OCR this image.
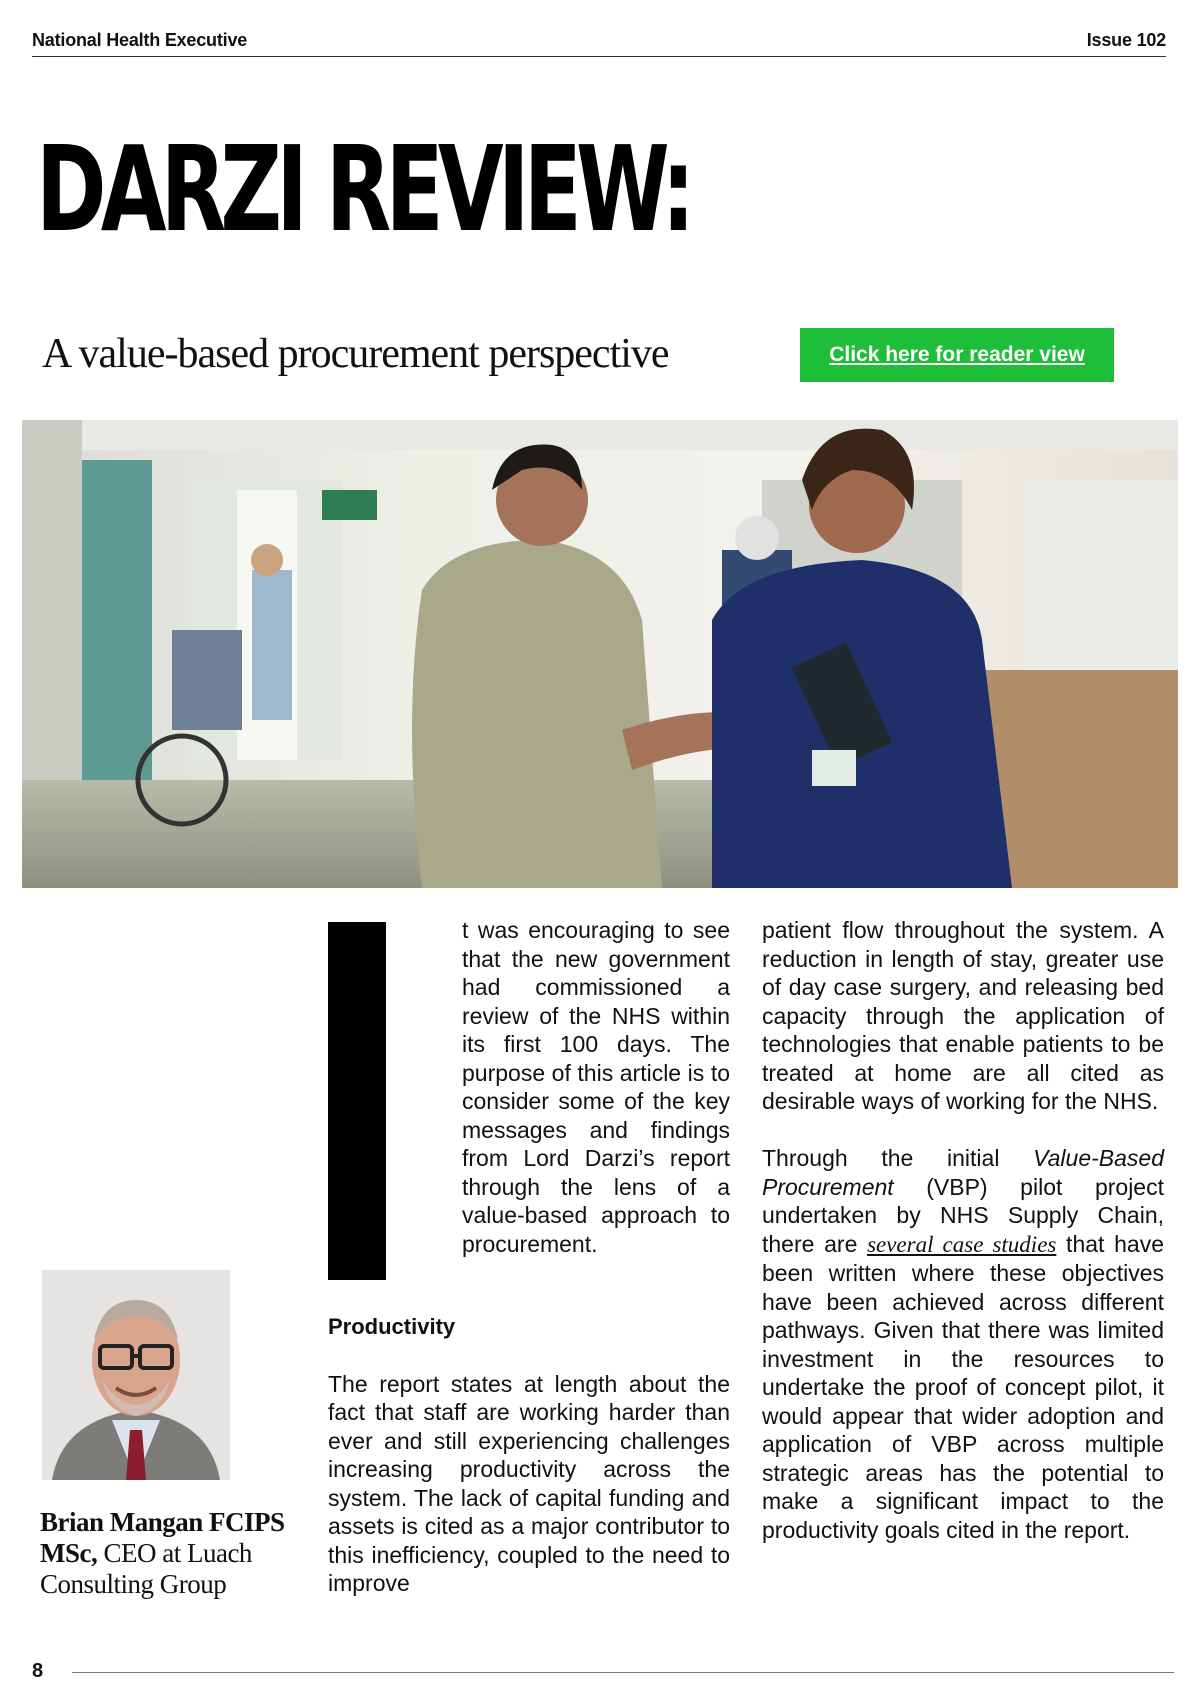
National Health Executive	Issue 102
DARZI REVIEW:
A value-based procurement perspective	Click here for reader view

t was encouraging to see that the new government had commissioned a review of the NHS within its first 100 days. The purpose of this article is to consider some of the key messages and findings from Lord Darzi’s report through the lens of a value-based approach to procurement.

Productivity

The report states at length about the fact that staff are working harder than ever and still experiencing challenges increasing productivity across the system. The lack of capital funding and assets is cited as a major contributor to this inefficiency, coupled to the need to improve

patient flow throughout the system. A reduction in length of stay, greater use of day case surgery, and releasing bed capacity through the application of technologies that enable patients to be treated at home are all cited as desirable ways of working for the NHS.

Through the initial Value-Based Procurement (VBP) pilot project undertaken by NHS Supply Chain, there are several case studies that have been written where these objectives have been achieved across different pathways. Given that there was limited investment in the resources to undertake the proof of concept pilot, it would appear that wider adoption and application of VBP across multiple strategic areas has the potential to make a significant impact to the productivity goals cited in the report.

Brian Mangan FCIPS MSc, CEO at Luach Consulting Group
8
